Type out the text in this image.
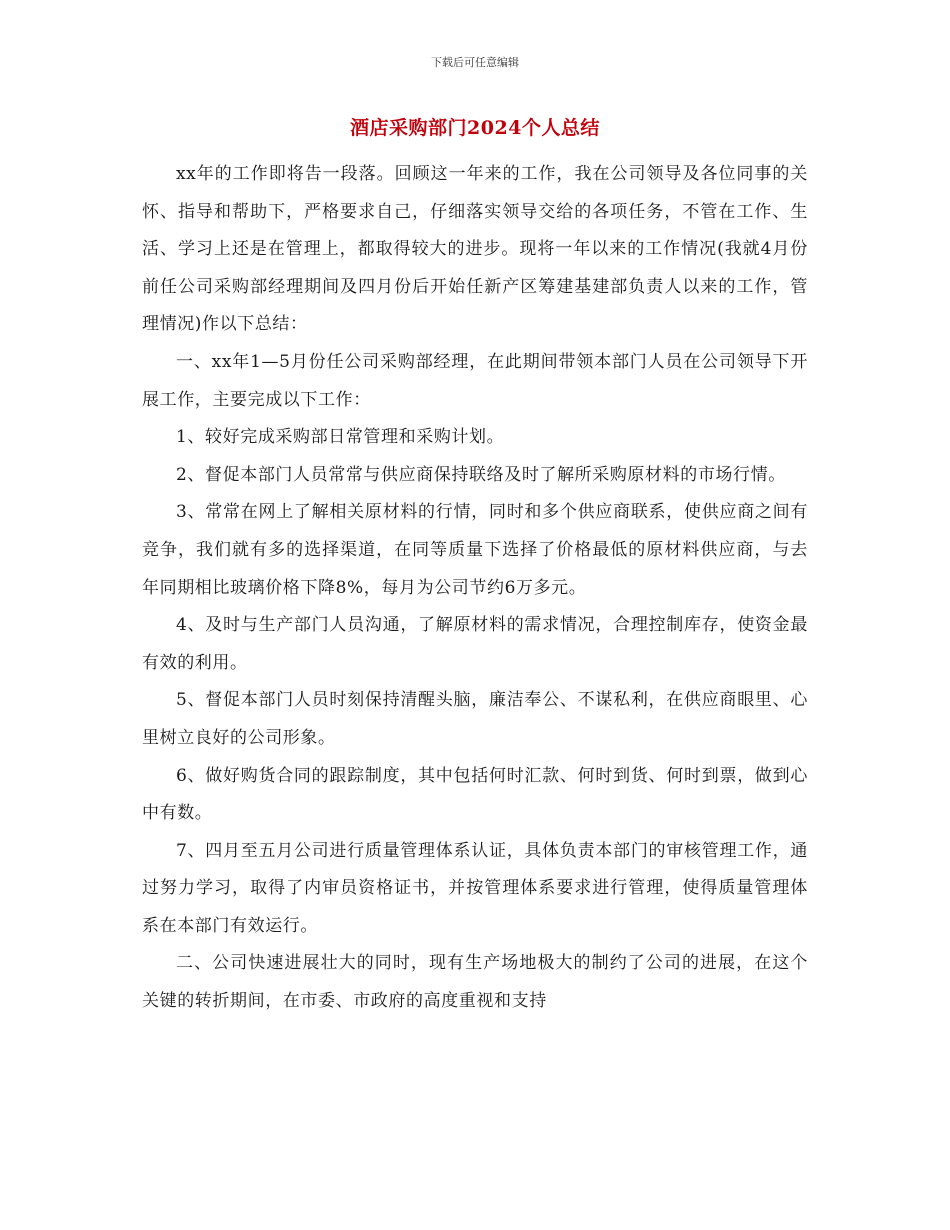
下载后可任意编辑
酒店采购部门2024个人总结

xx年的工作即将告一段落。回顾这一年来的工作，我在公司领导及各位同事的关怀、指导和帮助下，严格要求自己，仔细落实领导交给的各项任务，不管在工作、生活、学习上还是在管理上，都取得较大的进步。现将一年以来的工作情况(我就4月份前任公司采购部经理期间及四月份后开始任新产区筹建基建部负责人以来的工作，管理情况)作以下总结：

一、xx年1—5月份任公司采购部经理，在此期间带领本部门人员在公司领导下开展工作，主要完成以下工作：

1、较好完成采购部日常管理和采购计划。

2、督促本部门人员常常与供应商保持联络及时了解所采购原材料的市场行情。

3、常常在网上了解相关原材料的行情，同时和多个供应商联系，使供应商之间有竞争，我们就有多的选择渠道，在同等质量下选择了价格最低的原材料供应商，与去年同期相比玻璃价格下降8%，每月为公司节约6万多元。

4、及时与生产部门人员沟通，了解原材料的需求情况，合理控制库存，使资金最有效的利用。

5、督促本部门人员时刻保持清醒头脑，廉洁奉公、不谋私利，在供应商眼里、心里树立良好的公司形象。

6、做好购货合同的跟踪制度，其中包括何时汇款、何时到货、何时到票，做到心中有数。

7、四月至五月公司进行质量管理体系认证，具体负责本部门的审核管理工作，通过努力学习，取得了内审员资格证书，并按管理体系要求进行管理，使得质量管理体系在本部门有效运行。

二、公司快速进展壮大的同时，现有生产场地极大的制约了公司的进展，在这个关键的转折期间，在市委、市政府的高度重视和支持
